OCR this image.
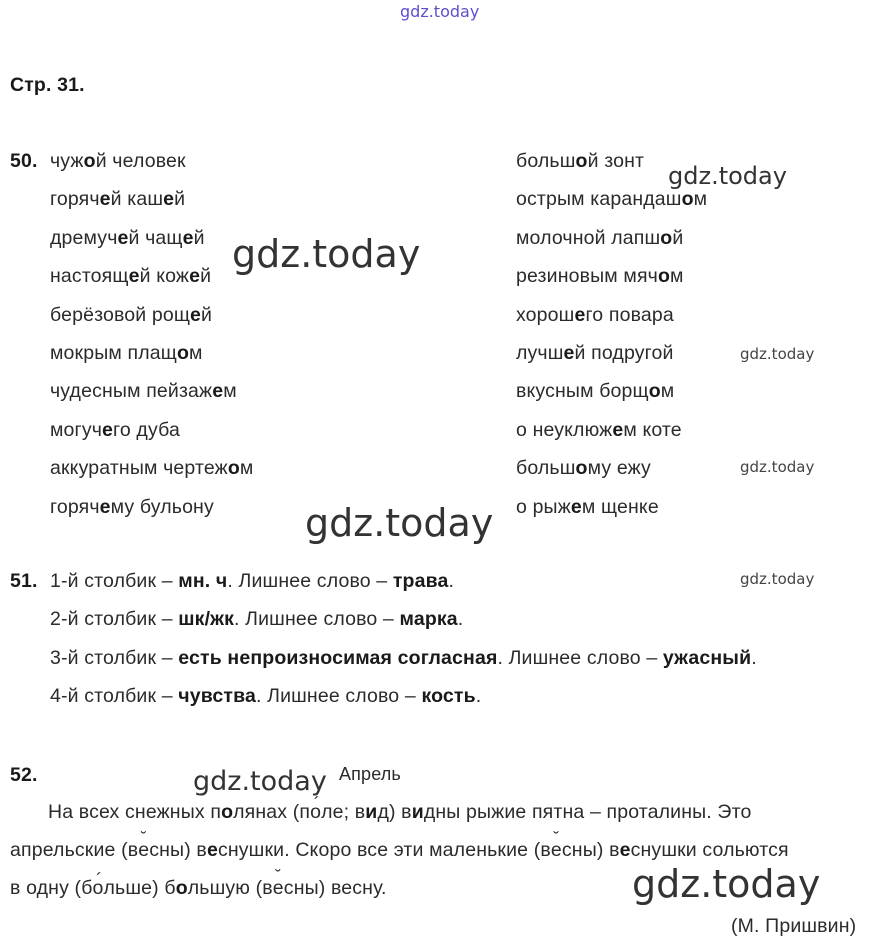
gdz.today
gdz.today
gdz.today
gdz.today
gdz.today
gdz.today
gdz.today
gdz.today
gdz.today
Стр. 31.
50. чужой человек
горячей кашей
дремучей чащей
настоящей кожей
берёзовой рощей
мокрым плащом
чудесным пейзажем
могучего дуба
аккуратным чертежом
горячему бульону
большой зонт
острым карандашом
молочной лапшой
резиновым мячом
хорошего повара
лучшей подругой
вкусным борщом
о неуклюжем коте
большому ежу
о рыжем щенке
51. 1-й столбик – мн. ч. Лишнее слово – трава.
2-й столбик – шк/жк. Лишнее слово – марка.
3-й столбик – есть непроизносимая согласная. Лишнее слово – ужасный.
4-й столбик – чувства. Лишнее слово – кость.
52.	Апрель
На всех снежных полянах (п´ оле; вид) видны рыжие пятна – проталины. Это
апрельские (в˘ есны) веснушки. Скоро все эти маленькие (в˘ есны) веснушки сольются
в одну (б´ ольше) большую (в˘ есны) весну.
(М. Пришвин)
